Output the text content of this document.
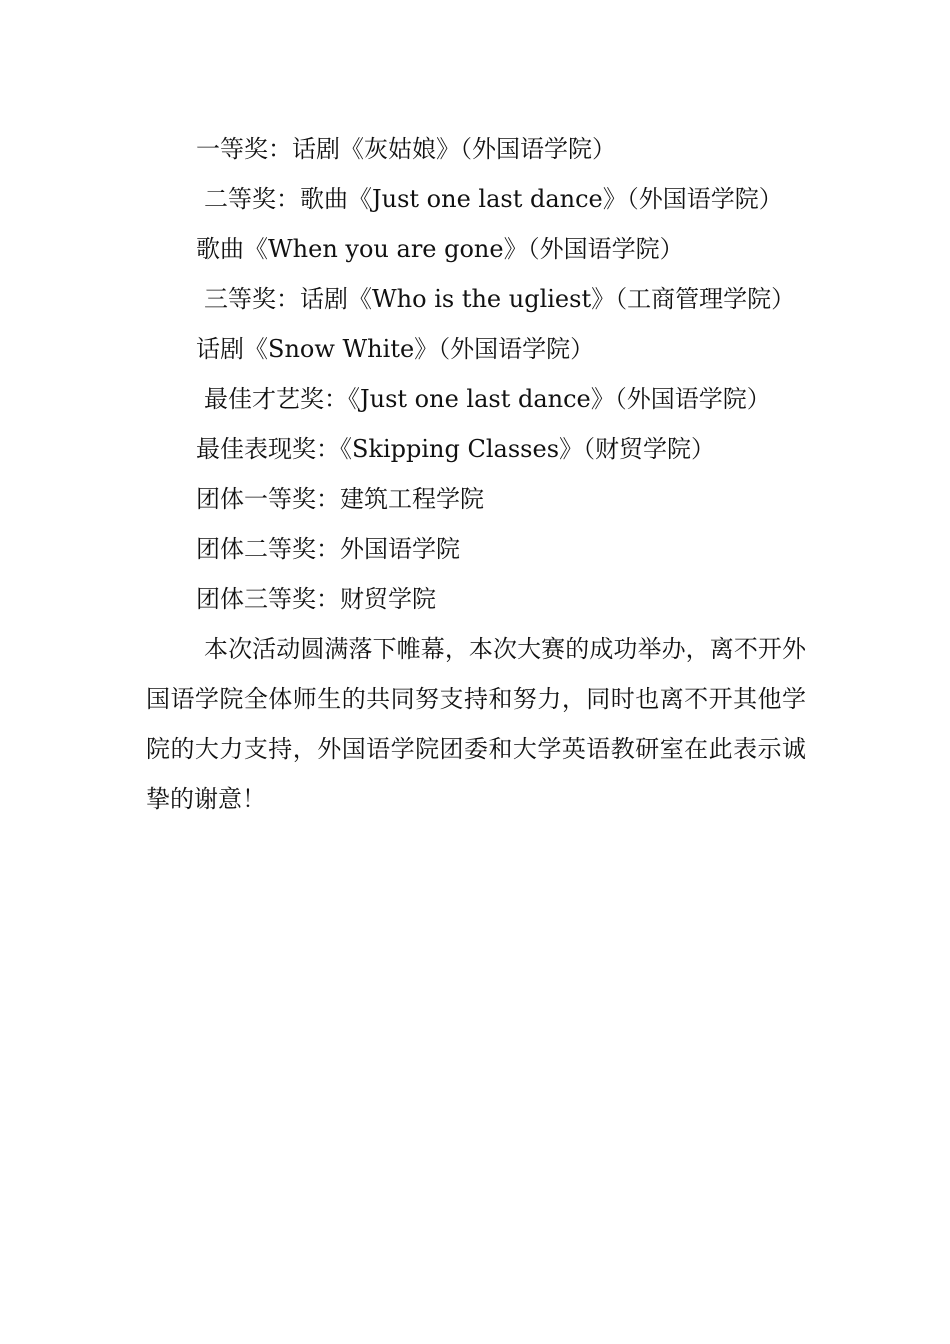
一等奖：话剧《灰姑娘》（外国语学院）

二等奖：歌曲《Just one last dance》（外国语学院）

歌曲《When you are gone》（外国语学院）

三等奖：话剧《Who is the ugliest》（工商管理学院）

话剧《Snow White》（外国语学院）

最佳才艺奖：《Just one last dance》（外国语学院）

最佳表现奖：《Skipping Classes》（财贸学院）

团体一等奖：建筑工程学院

团体二等奖：外国语学院

团体三等奖：财贸学院

本次活动圆满落下帷幕，本次大赛的成功举办，离不开外国语学院全体师生的共同努支持和努力，同时也离不开其他学院的大力支持，外国语学院团委和大学英语教研室在此表示诚挚的谢意！
